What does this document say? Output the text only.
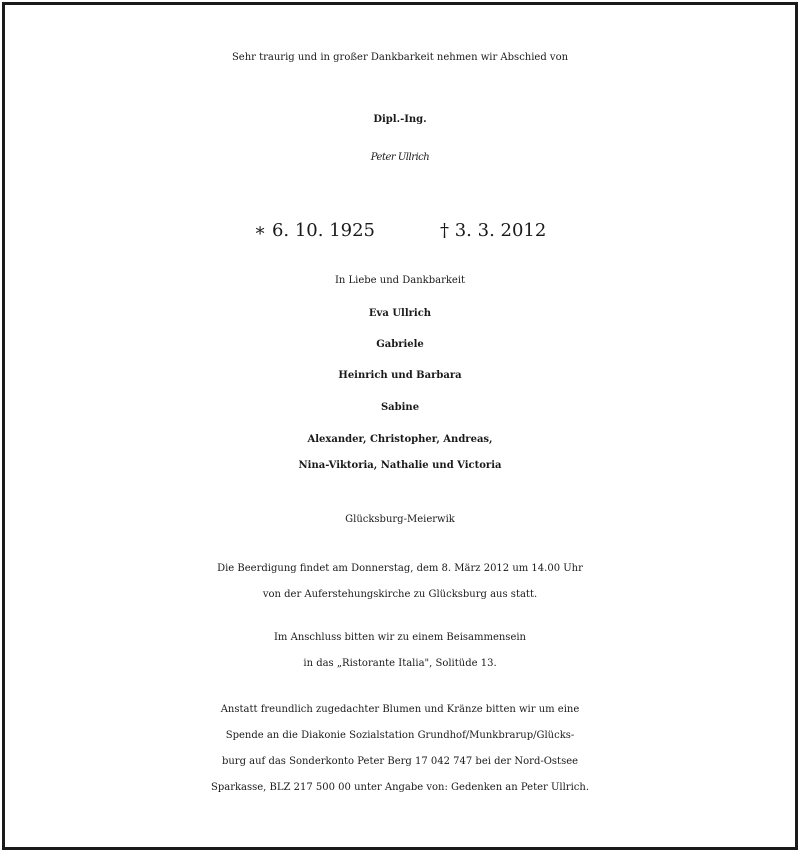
Sehr traurig und in großer Dankbarkeit nehmen wir Abschied von
Dipl.-Ing.
Peter Ullrich
∗ 6. 10. 1925	† 3. 3. 2012
In Liebe und Dankbarkeit
Eva Ullrich
Gabriele
Heinrich und Barbara
Sabine
Alexander, Christopher, Andreas,
Nina-Viktoria, Nathalie und Victoria
Glücksburg-Meierwik
Die Beerdigung findet am Donnerstag, dem 8. März 2012 um 14.00 Uhr
von der Auferstehungskirche zu Glücksburg aus statt.
Im Anschluss bitten wir zu einem Beisammensein
in das „Ristorante Italia", Solitüde 13.
Anstatt freundlich zugedachter Blumen und Kränze bitten wir um eine
Spende an die Diakonie Sozialstation Grundhof/Munkbrarup/Glücks-
burg auf das Sonderkonto Peter Berg 17 042 747 bei der Nord-Ostsee
Sparkasse, BLZ 217 500 00 unter Angabe von: Gedenken an Peter Ullrich.
